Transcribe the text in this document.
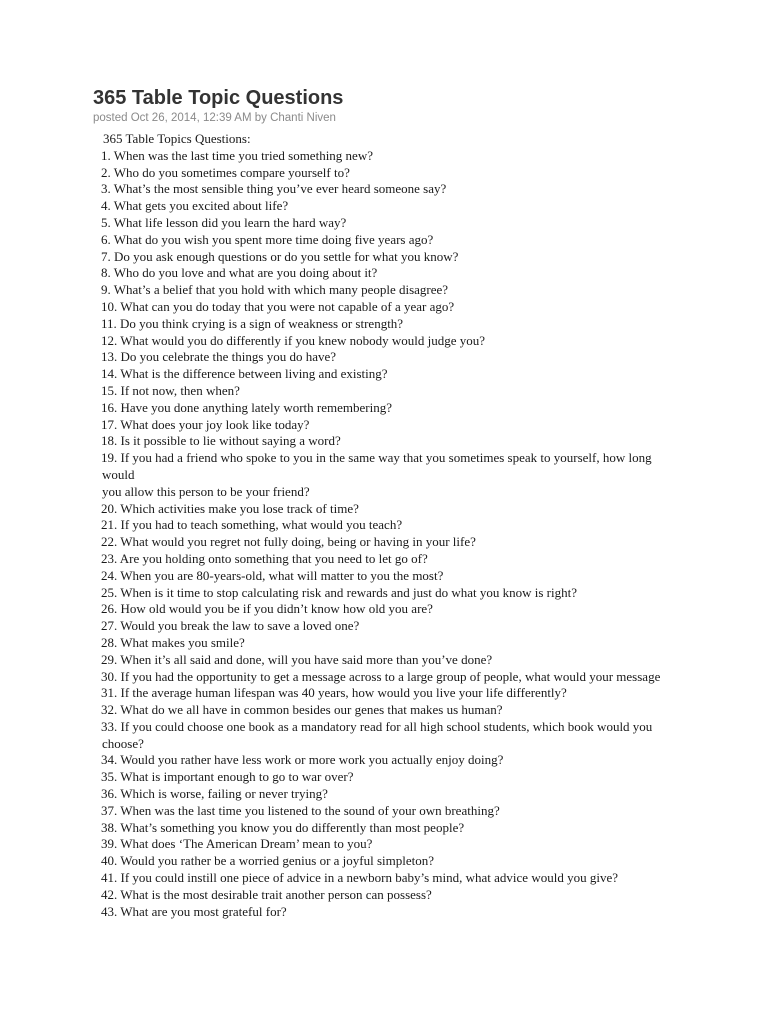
365 Table Topic Questions
posted Oct 26, 2014, 12:39 AM by Chanti Niven
365 Table Topics Questions:
1. When was the last time you tried something new?
2. Who do you sometimes compare yourself to?
3. What’s the most sensible thing you’ve ever heard someone say?
4. What gets you excited about life?
5. What life lesson did you learn the hard way?
6. What do you wish you spent more time doing five years ago?
7. Do you ask enough questions or do you settle for what you know?
8. Who do you love and what are you doing about it?
9. What’s a belief that you hold with which many people disagree?
10. What can you do today that you were not capable of a year ago?
11. Do you think crying is a sign of weakness or strength?
12. What would you do differently if you knew nobody would judge you?
13. Do you celebrate the things you do have?
14. What is the difference between living and existing?
15. If not now, then when?
16. Have you done anything lately worth remembering?
17. What does your joy look like today?
18. Is it possible to lie without saying a word?
19. If you had a friend who spoke to you in the same way that you sometimes speak to yourself, how long
would
you allow this person to be your friend?
20. Which activities make you lose track of time?
21. If you had to teach something, what would you teach?
22. What would you regret not fully doing, being or having in your life?
23. Are you holding onto something that you need to let go of?
24. When you are 80-years-old, what will matter to you the most?
25. When is it time to stop calculating risk and rewards and just do what you know is right?
26. How old would you be if you didn’t know how old you are?
27. Would you break the law to save a loved one?
28. What makes you smile?
29. When it’s all said and done, will you have said more than you’ve done?
30. If you had the opportunity to get a message across to a large group of people, what would your message
31. If the average human lifespan was 40 years, how would you live your life differently?
32. What do we all have in common besides our genes that makes us human?
33. If you could choose one book as a mandatory read for all high school students, which book would you
choose?
34. Would you rather have less work or more work you actually enjoy doing?
35. What is important enough to go to war over?
36. Which is worse, failing or never trying?
37. When was the last time you listened to the sound of your own breathing?
38. What’s something you know you do differently than most people?
39. What does ‘The American Dream’ mean to you?
40. Would you rather be a worried genius or a joyful simpleton?
41. If you could instill one piece of advice in a newborn baby’s mind, what advice would you give?
42. What is the most desirable trait another person can possess?
43. What are you most grateful for?
